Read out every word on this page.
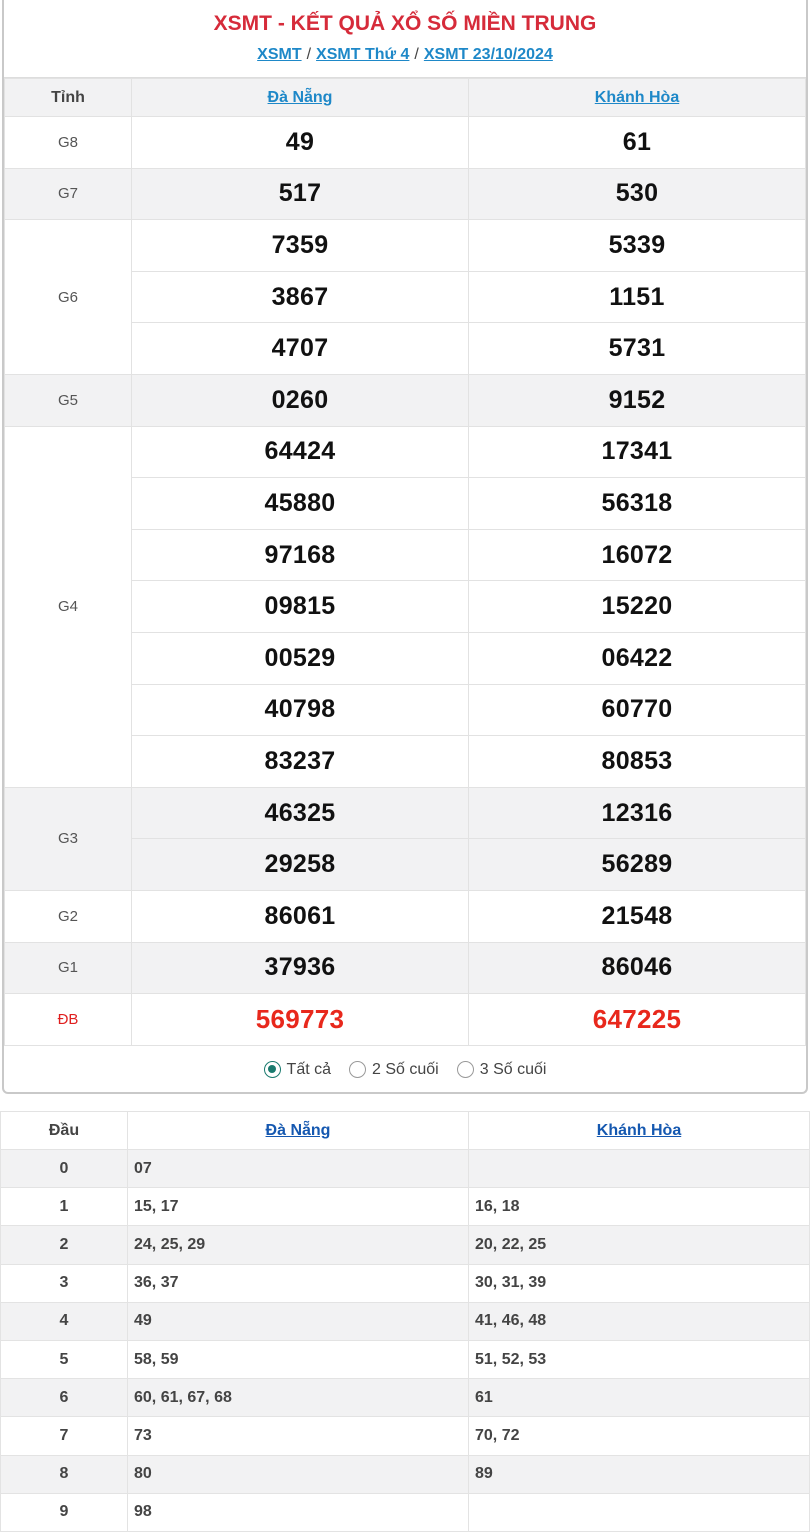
XSMT - KẾT QUẢ XỔ SỐ MIỀN TRUNG
XSMT / XSMT Thứ 4 / XSMT 23/10/2024
Tỉnh	Đà Nẵng	Khánh Hòa
G8	49	61
G7	517	530
G6	7359	5339
	3867	1151
	4707	5731
G5	0260	9152
G4	64424	17341
	45880	56318
	97168	16072
	09815	15220
	00529	06422
	40798	60770
	83237	80853
G3	46325	12316
	29258	56289
G2	86061	21548
G1	37936	86046
ĐB	569773	647225
Tất cả	2 Số cuối	3 Số cuối
Đầu	Đà Nẵng	Khánh Hòa
0	07	
1	15, 17	16, 18
2	24, 25, 29	20, 22, 25
3	36, 37	30, 31, 39
4	49	41, 46, 48
5	58, 59	51, 52, 53
6	60, 61, 67, 68	61
7	73	70, 72
8	80	89
9	98	
